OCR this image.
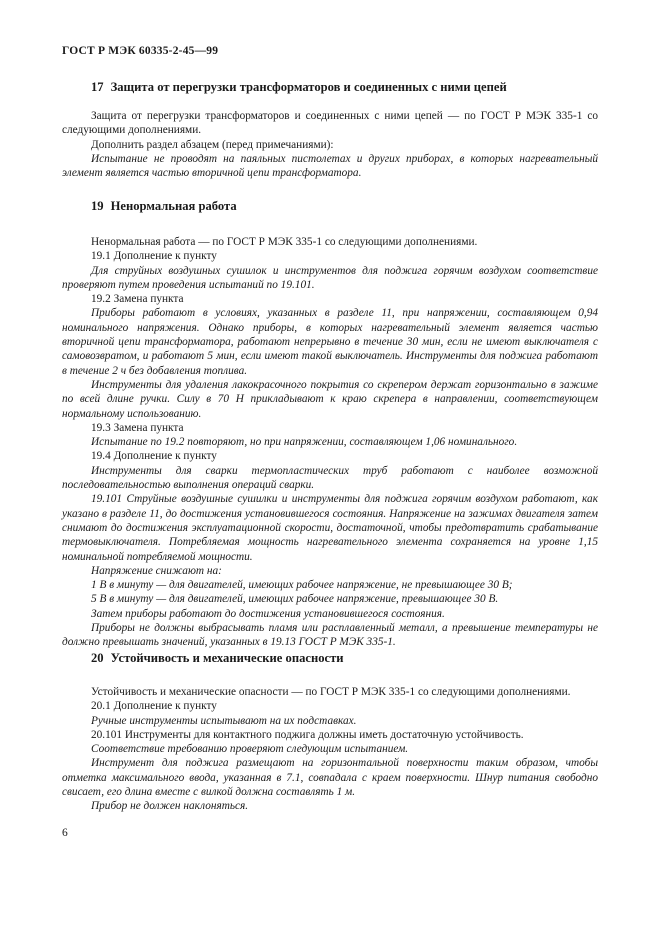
ГОСТ Р МЭК 60335-2-45—99
17 Защита от перегрузки трансформаторов и соединенных с ними цепей

Защита от перегрузки трансформаторов и соединенных с ними цепей — по ГОСТ Р МЭК 335-1 со следующими дополнениями.

Дополнить раздел абзацем (перед примечаниями):

Испытание не проводят на паяльных пистолетах и других приборах, в которых нагревательный элемент является частью вторичной цепи трансформатора.

19 Ненормальная работа

Ненормальная работа — по ГОСТ Р МЭК 335-1 со следующими дополнениями.

19.1 Дополнение к пункту

Для струйных воздушных сушилок и инструментов для поджига горячим воздухом соответствие проверяют путем проведения испытаний по 19.101.

19.2 Замена пункта

Приборы работают в условиях, указанных в разделе 11, при напряжении, составляющем 0,94 номинального напряжения. Однако приборы, в которых нагревательный элемент является частью вторичной цепи трансформатора, работают непрерывно в течение 30 мин, если не имеют выключателя с самовозвратом, и работают 5 мин, если имеют такой выключатель. Инструменты для поджига работают в течение 2 ч без добавления топлива.

Инструменты для удаления лакокрасочного покрытия со скрепером держат горизонтально в зажиме по всей длине ручки. Силу в 70 Н прикладывают к краю скрепера в направлении, соответствующем нормальному использованию.

19.3 Замена пункта

Испытание по 19.2 повторяют, но при напряжении, составляющем 1,06 номинального.

19.4 Дополнение к пункту

Инструменты для сварки термопластических труб работают с наиболее возможной последовательностью выполнения операций сварки.

19.101 Струйные воздушные сушилки и инструменты для поджига горячим воздухом работают, как указано в разделе 11, до достижения установившегося состояния. Напряжение на зажимах двигателя затем снимают до достижения эксплуатационной скорости, достаточной, чтобы предотвратить срабатывание термовыключателя. Потребляемая мощность нагревательного элемента сохраняется на уровне 1,15 номинальной потребляемой мощности.

Напряжение снижают на:

1 В в минуту — для двигателей, имеющих рабочее напряжение, не превышающее 30 В;

5 В в минуту — для двигателей, имеющих рабочее напряжение, превышающее 30 В.

Затем приборы работают до достижения установившегося состояния.

Приборы не должны выбрасывать пламя или расплавленный металл, а превышение температуры не должно превышать значений, указанных в 19.13 ГОСТ Р МЭК 335-1.

20 Устойчивость и механические опасности

Устойчивость и механические опасности — по ГОСТ Р МЭК 335-1 со следующими дополнениями.

20.1 Дополнение к пункту

Ручные инструменты испытывают на их подставках.

20.101 Инструменты для контактного поджига должны иметь достаточную устойчивость.

Соответствие требованию проверяют следующим испытанием.

Инструмент для поджига размещают на горизонтальной поверхности таким образом, чтобы отметка максимального ввода, указанная в 7.1, совпадала с краем поверхности. Шнур питания свободно свисает, его длина вместе с вилкой должна составлять 1 м.

Прибор не должен наклоняться.

6
